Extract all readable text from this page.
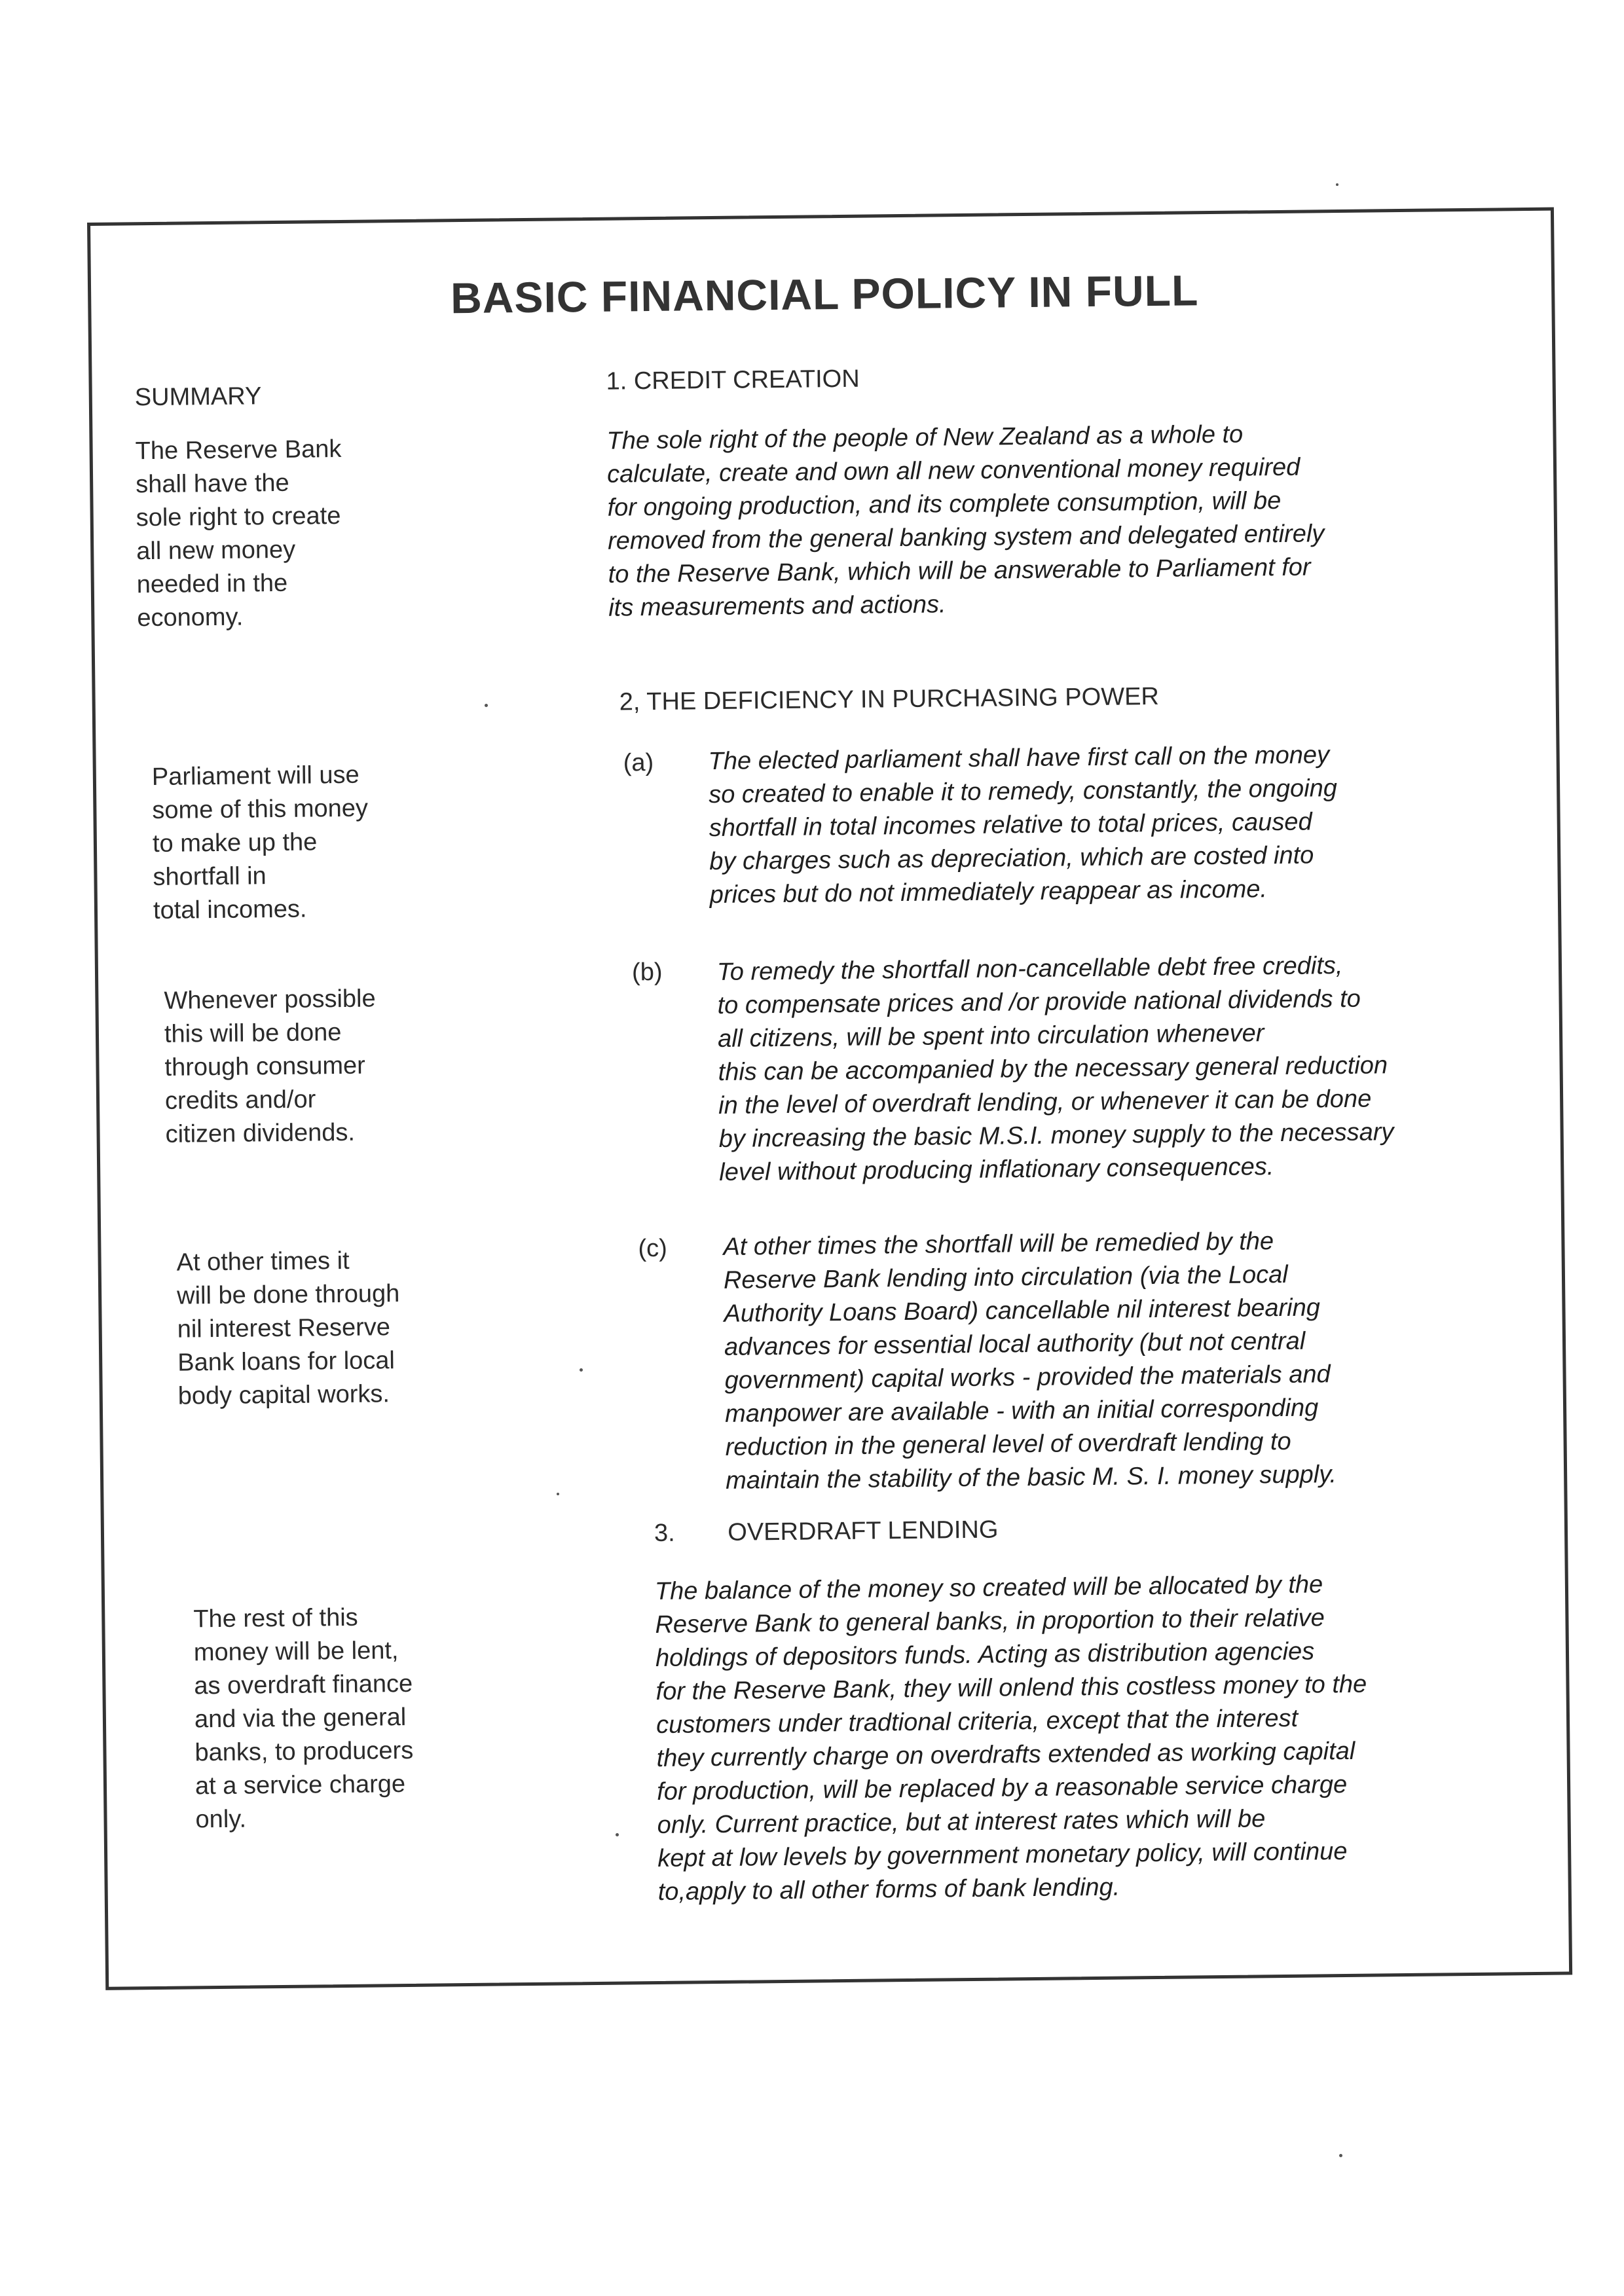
BASIC FINANCIAL POLICY IN FULL
SUMMARY
The Reserve Bank
shall have the
sole right to create
all new money
needed in the
economy.
Parliament will use
some of this money
to make up the
shortfall in
total incomes.
Whenever possible
this will be done
through consumer
credits and/or
citizen dividends.
At other times it
will be done through
nil interest Reserve
Bank loans for local
body capital works.
The rest of this
money will be lent,
as overdraft finance
and via the general
banks, to producers
at a service charge
only.
1. CREDIT CREATION
The sole right of the people of New Zealand as a whole to
calculate, create and own all new conventional money required
for ongoing production, and its complete consumption, will be
removed from the general banking system and delegated entirely
to the Reserve Bank, which will be answerable to Parliament for
its measurements and actions.
2, THE DEFICIENCY IN PURCHASING POWER
(a) The elected parliament shall have first call on the money
so created to enable it to remedy, constantly, the ongoing
shortfall in total incomes relative to total prices, caused
by charges such as depreciation, which are costed into
prices but do not immediately reappear as income.
(b) To remedy the shortfall non-cancellable debt free credits,
to compensate prices and /or provide national dividends to
all citizens, will be spent into circulation whenever
this can be accompanied by the necessary general reduction
in the level of overdraft lending, or whenever it can be done
by increasing the basic M.S.I. money supply to the necessary
level without producing inflationary consequences.
(c) At other times the shortfall will be remedied by the
Reserve Bank lending into circulation (via the Local
Authority Loans Board) cancellable nil interest bearing
advances for essential local authority (but not central
government) capital works - provided the materials and
manpower are available - with an initial corresponding
reduction in the general level of overdraft lending to
maintain the stability of the basic M. S. I. money supply.
3. OVERDRAFT LENDING
The balance of the money so created will be allocated by the
Reserve Bank to general banks, in proportion to their relative
holdings of depositors funds. Acting as distribution agencies
for the Reserve Bank, they will onlend this costless money to the
customers under tradtional criteria, except that the interest
they currently charge on overdrafts extended as working capital
for production, will be replaced by a reasonable service charge
only. Current practice, but at interest rates which will be
kept at low levels by government monetary policy, will continue
to,apply to all other forms of bank lending.
